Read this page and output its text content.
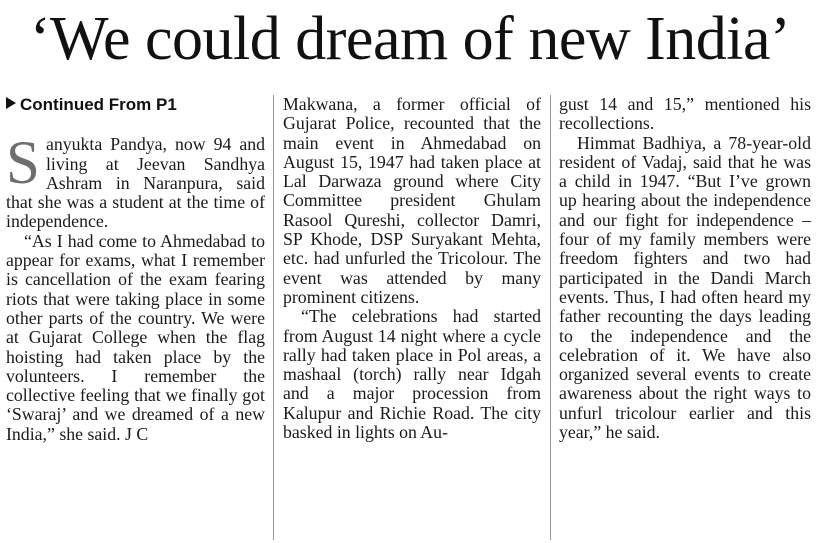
‘We could dream of new India’
Continued From P1

Sanyukta Pandya, now 94 and living at Jeevan Sandhya Ashram in Naranpura, said that she was a student at the time of independence.

“As I had come to Ahmedabad to appear for exams, what I remember is cancellation of the exam fearing riots that were taking place in some other parts of the country. We were at Gujarat College when the flag hoisting had taken place by the volunteers. I remember the collective feeling that we finally got ‘Swaraj’ and we dreamed of a new India,” she said. J C

Makwana, a former official of Gujarat Police, recounted that the main event in Ahmedabad on August 15, 1947 had taken place at Lal Darwaza ground where City Committee president Ghulam Rasool Qureshi, collector Damri, SP Khode, DSP Suryakant Mehta, etc. had unfurled the Tricolour. The event was attended by many prominent citizens.

“The celebrations had started from August 14 night where a cycle rally had taken place in Pol areas, a mashaal (torch) rally near Idgah and a major procession from Kalupur and Richie Road. The city basked in lights on Au-

gust 14 and 15,” mentioned his recollections.

Himmat Badhiya, a 78-year-old resident of Vadaj, said that he was a child in 1947. “But I’ve grown up hearing about the independence and our fight for independence – four of my family members were freedom fighters and two had participated in the Dandi March events. Thus, I had often heard my father recounting the days leading to the independence and the celebration of it. We have also organized several events to create awareness about the right ways to unfurl tricolour earlier and this year,” he said.
